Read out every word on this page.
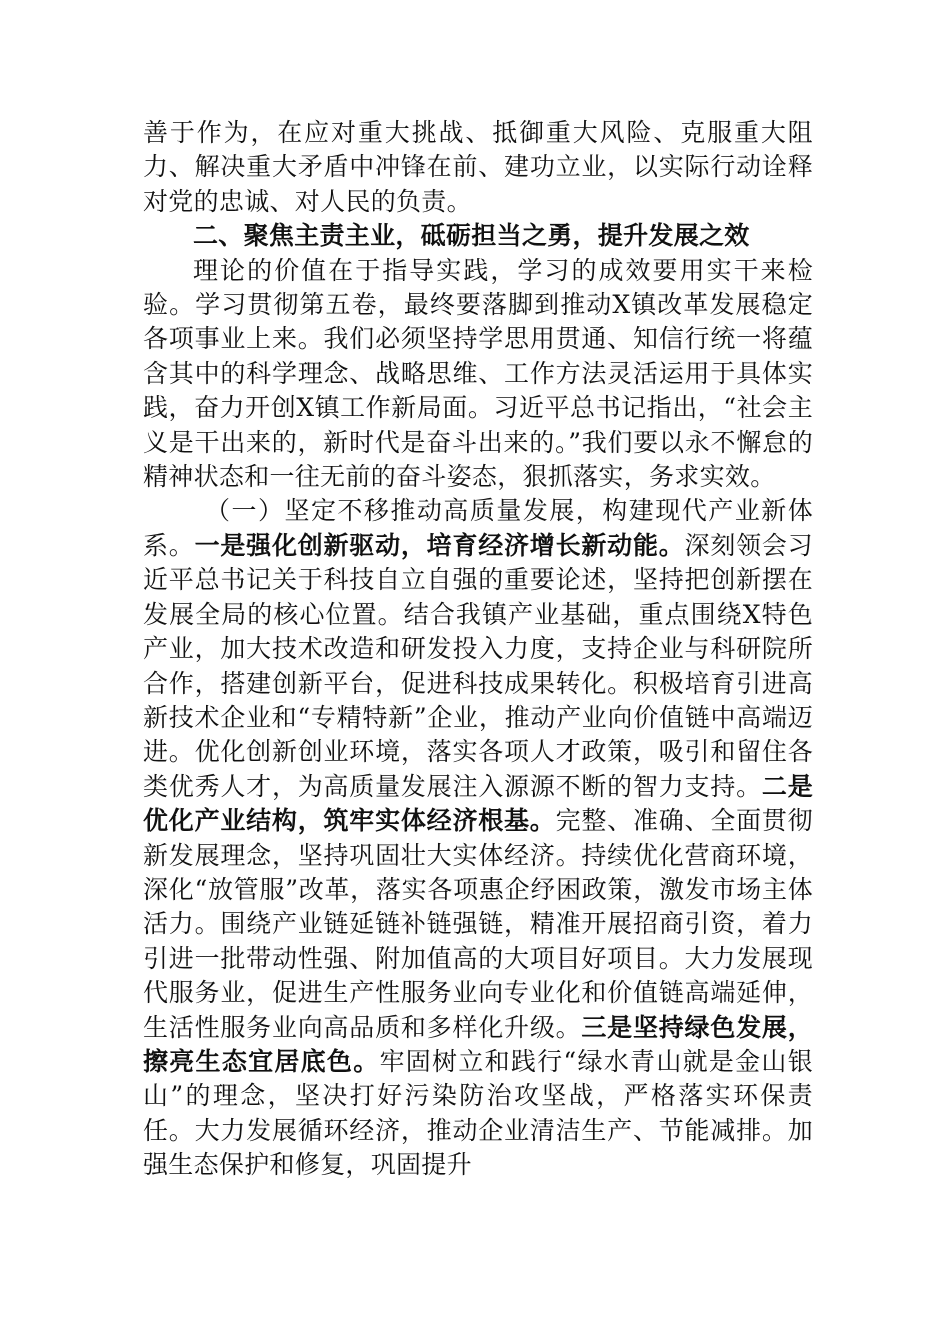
善于作为，在应对重大挑战、抵御重大风险、克服重大阻力、解决重大矛盾中冲锋在前、建功立业，以实际行动诠释对党的忠诚、对人民的负责。

二、聚焦主责主业，砥砺担当之勇，提升发展之效

理论的价值在于指导实践，学习的成效要用实干来检验。学习贯彻第五卷，最终要落脚到推动X镇改革发展稳定各项事业上来。我们必须坚持学思用贯通、知信行统一将蕴含其中的科学理念、战略思维、工作方法灵活运用于具体实践，奋力开创X镇工作新局面。习近平总书记指出，“社会主义是干出来的，新时代是奋斗出来的。”我们要以永不懈怠的精神状态和一往无前的奋斗姿态，狠抓落实，务求实效。

（一）坚定不移推动高质量发展，构建现代产业新体系。一是强化创新驱动，培育经济增长新动能。深刻领会习近平总书记关于科技自立自强的重要论述，坚持把创新摆在发展全局的核心位置。结合我镇产业基础，重点围绕X特色产业，加大技术改造和研发投入力度，支持企业与科研院所合作，搭建创新平台，促进科技成果转化。积极培育引进高新技术企业和“专精特新”企业，推动产业向价值链中高端迈进。优化创新创业环境，落实各项人才政策，吸引和留住各类优秀人才，为高质量发展注入源源不断的智力支持。二是优化产业结构，筑牢实体经济根基。完整、准确、全面贯彻新发展理念，坚持巩固壮大实体经济。持续优化营商环境，深化“放管服”改革，落实各项惠企纾困政策，激发市场主体活力。围绕产业链延链补链强链，精准开展招商引资，着力引进一批带动性强、附加值高的大项目好项目。大力发展现代服务业，促进生产性服务业向专业化和价值链高端延伸，生活性服务业向高品质和多样化升级。三是坚持绿色发展，擦亮生态宜居底色。牢固树立和践行“绿水青山就是金山银山”的理念，坚决打好污染防治攻坚战，严格落实环保责任。大力发展循环经济，推动企业清洁生产、节能减排。加强生态保护和修复，巩固提升
